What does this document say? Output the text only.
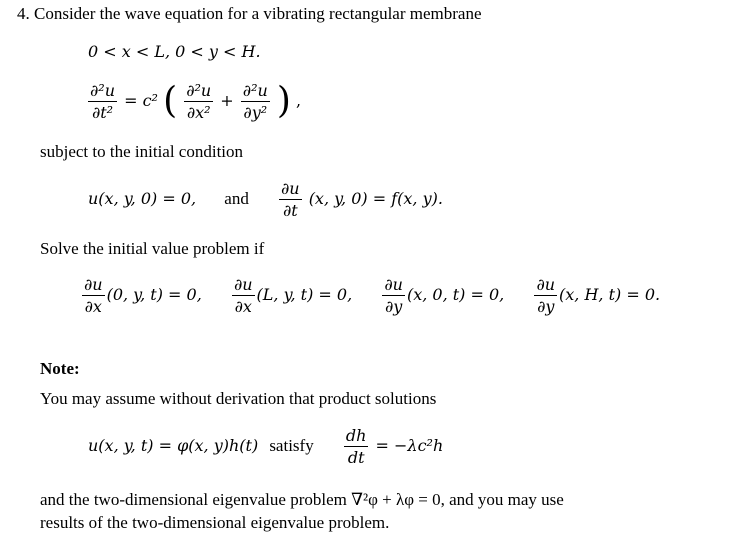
4. Consider the wave equation for a vibrating rectangular membrane
0 < x < L, 0 < y < H.
$\frac{\text{∂²u}}{\text{∂t²}} = c^2$ ( $\frac{\text{∂²u}}{\text{∂x²}} + \frac{\text{∂²u}}{\text{∂y²}}$ ) ,
subject to the initial condition
u(x, y, 0) = 0, and $\frac{\partial u}{\partial t} (x$, y, 0) = f(x, y).
Solve the initial value problem if
$\frac{\partial u}{\partial x} (0$, y, t) = 0, $\frac{\partial u}{\partial x} (L$, y, t) = 0, $\frac{\partial u}{\partial y} (x$, 0, t) = 0, $\frac{\partial u}{\partial y} (x$, H, t) = 0.
Note:
You may assume without derivation that product solutions
u(x, y, t) = φ(x, y)h(t) satisfy $\frac{dh}{dt} = -\lambda c^2h$
and the two-dimensional eigenvalue problem ∇²φ + λφ = 0, and you may use
results of the two-dimensional eigenvalue problem.
